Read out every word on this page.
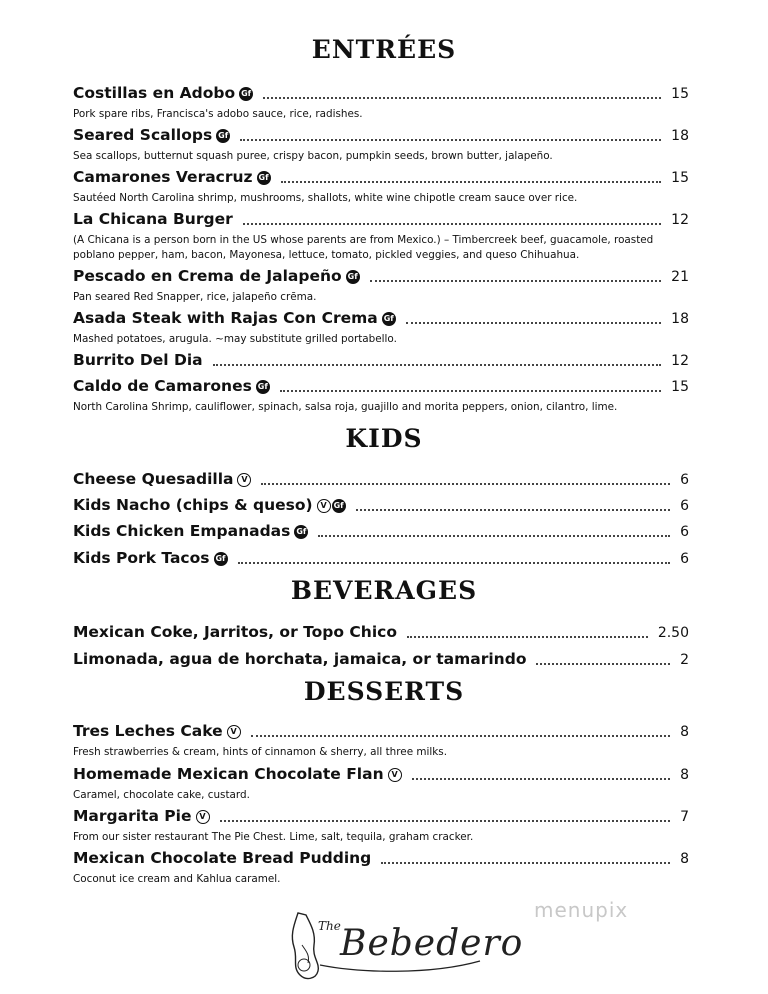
ENTRÉES
Costillas en Adobo Gf	15
Pork spare ribs, Francisca's adobo sauce, rice, radishes.
Seared Scallops Gf	18
Sea scallops, butternut squash puree, crispy bacon, pumpkin seeds, brown butter, jalapeño.
Camarones Veracruz Gf	15
Sautéed North Carolina shrimp, mushrooms, shallots, white wine chipotle cream sauce over rice.
La Chicana Burger	12
(A Chicana is a person born in the US whose parents are from Mexico.) – Timbercreek beef, guacamole, roasted poblano pepper, ham, bacon, Mayonesa, lettuce, tomato, pickled veggies, and queso Chihuahua.
Pescado en Crema de Jalapeño Gf	21
Pan seared Red Snapper, rice, jalapeño crēma.
Asada Steak with Rajas Con Crema Gf	18
Mashed potatoes, arugula. ~may substitute grilled portabello.
Burrito Del Dia	12
Caldo de Camarones Gf	15
North Carolina Shrimp, cauliflower, spinach, salsa roja, guajillo and morita peppers, onion, cilantro, lime.
KIDS
Cheese Quesadilla V	6
Kids Nacho (chips & queso) V Gf	6
Kids Chicken Empanadas Gf	6
Kids Pork Tacos Gf	6
BEVERAGES
Mexican Coke, Jarritos, or Topo Chico	2.50
Limonada, agua de horchata, jamaica, or tamarindo	2
DESSERTS
Tres Leches Cake V	8
Fresh strawberries & cream, hints of cinnamon & sherry, all three milks.
Homemade Mexican Chocolate Flan V	8
Caramel, chocolate cake, custard.
Margarita Pie V	7
From our sister restaurant The Pie Chest. Lime, salt, tequila, graham cracker.
Mexican Chocolate Bread Pudding	8
Coconut ice cream and Kahlua caramel.
The Bebedero
menupix
